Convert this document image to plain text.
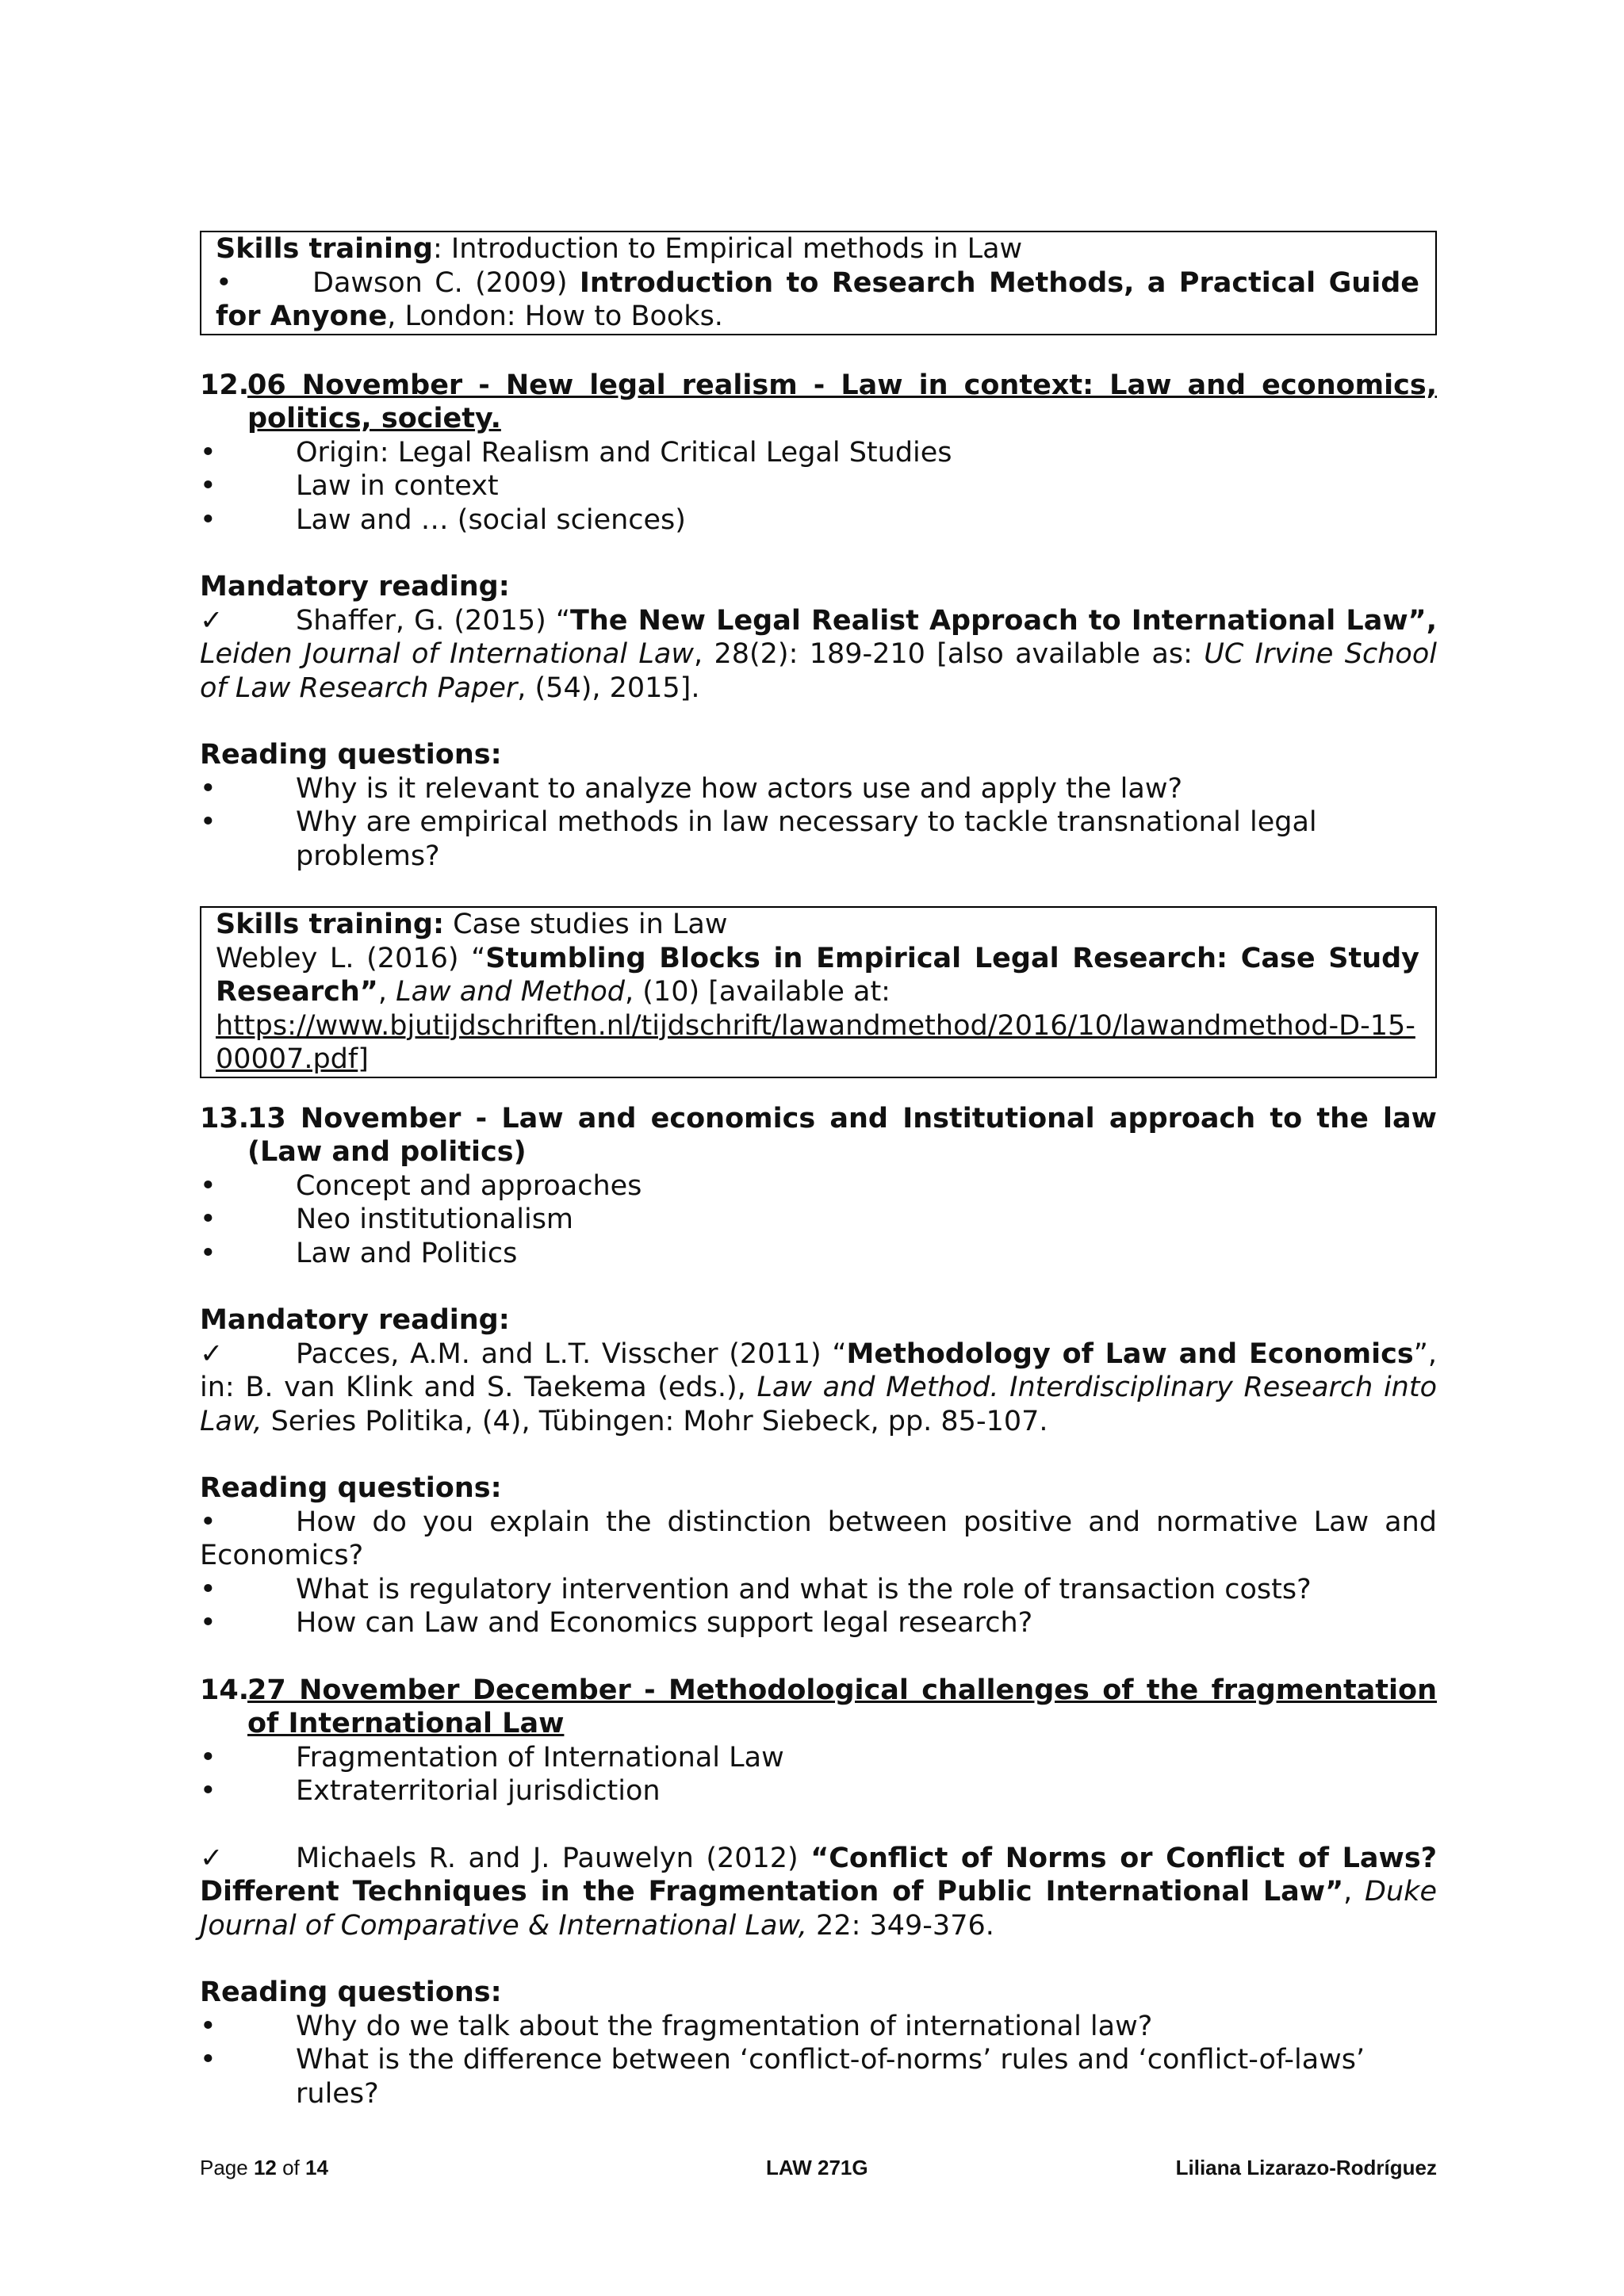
Skills training: Introduction to Empirical methods in Law

•	Dawson C. (2009) Introduction to Research Methods, a Practical Guide for Anyone, London: How to Books.

12.
06 November - New legal realism - Law in context: Law and economics, politics, society.
•	Origin: Legal Realism and Critical Legal Studies
•	Law in context
•	Law and … (social sciences)

Mandatory reading:

✓	Shaffer, G. (2015) “The New Legal Realist Approach to International Law”, Leiden Journal of International Law, 28(2): 189-210 [also available as: UC Irvine School of Law Research Paper, (54), 2015].

Reading questions:

•	Why is it relevant to analyze how actors use and apply the law?
•	Why are empirical methods in law necessary to tackle transnational legal problems?

Skills training: Case studies in Law

Webley L. (2016) “Stumbling Blocks in Empirical Legal Research: Case Study Research”, Law and Method, (10) [available at:

https://www.bjutijdschriften.nl/tijdschrift/lawandmethod/2016/10/lawandmethod-D-15-00007.pdf]

13.
13 November - Law and economics and Institutional approach to the law (Law and politics)
•	Concept and approaches
•	Neo institutionalism
•	Law and Politics

Mandatory reading:

✓	Pacces, A.M. and L.T. Visscher (2011) “Methodology of Law and Economics”, in: B. van Klink and S. Taekema (eds.), Law and Method. Interdisciplinary Research into Law, Series Politika, (4), Tübingen: Mohr Siebeck, pp. 85-107.

Reading questions:

•	How do you explain the distinction between positive and normative Law and Economics?

•	What is regulatory intervention and what is the role of transaction costs?
•	How can Law and Economics support legal research?
14.
27 November December - Methodological challenges of the fragmentation of International Law
•	Fragmentation of International Law
•	Extraterritorial jurisdiction

✓	Michaels R. and J. Pauwelyn (2012) “Conflict of Norms or Conflict of Laws? Different Techniques in the Fragmentation of Public International Law”, Duke Journal of Comparative & International Law, 22: 349-376.

Reading questions:

•	Why do we talk about the fragmentation of international law?
•	What is the difference between ‘conflict-of-norms’ rules and ‘conflict-of-laws’ rules?
Page 12 of 14	LAW 271G	Liliana Lizarazo-Rodríguez
